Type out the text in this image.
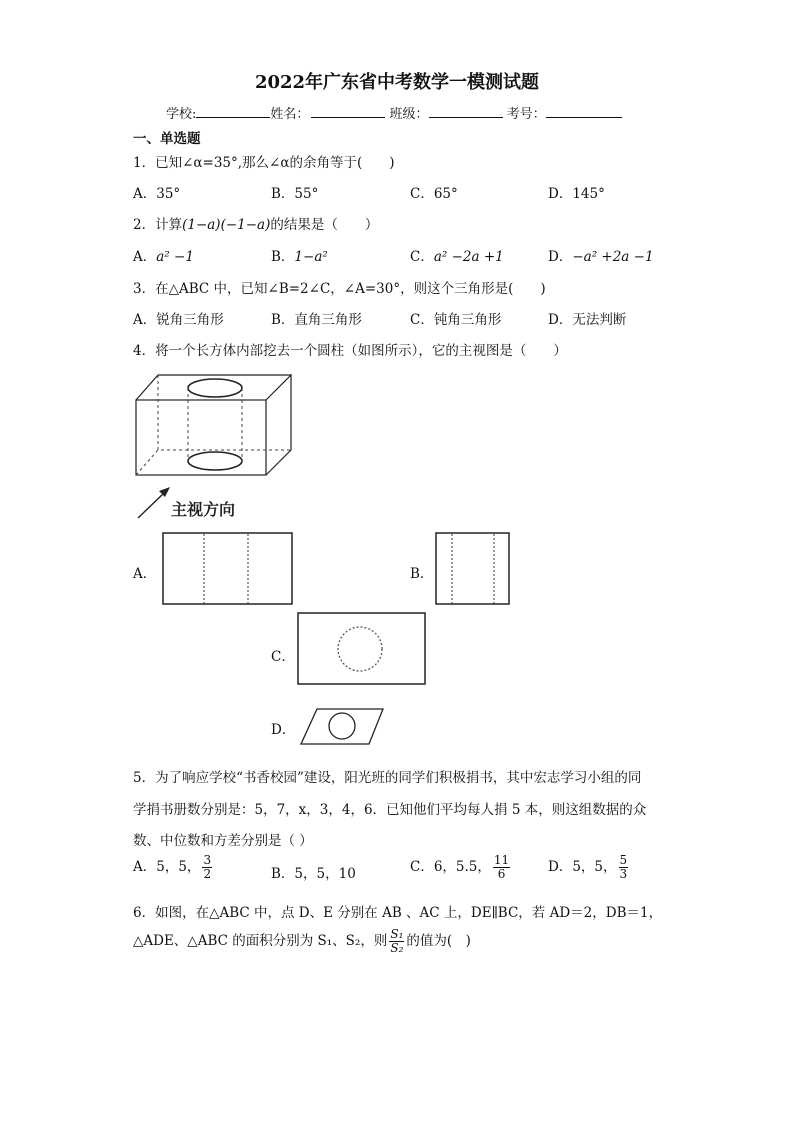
2022年广东省中考数学一模测试题
学校:	姓名：	班级：	考号：
一、单选题
1．已知∠α=35°,那么∠α的余角等于(　　)
A．35°	B．55°	C．65°	D．145°
2．计算(1−a)(−1−a)的结果是（　　）
A．a² −1	B．1−a²	C．a² −2a +1	D．−a² +2a −1
3．在△ABC 中，已知∠B=2∠C，∠A=30°，则这个三角形是(　　)
A．锐角三角形	B．直角三角形	C．钝角三角形	D．无法判断
4．将一个长方体内部挖去一个圆柱（如图所示），它的主视图是（　　）
主视方向
A．	B．
C．
D．
5．为了响应学校“书香校园”建设，阳光班的同学们积极捐书，其中宏志学习小组的同
学捐书册数分别是：5，7，x，3，4，6．已知他们平均每人捐 5 本，则这组数据的众
数、中位数和方差分别是（ ）
A．5，5， $\frac{3}{2}$	B．5，5，10	C．6，5.5， $\frac{11}{6}$	D．5，5， $\frac{5}{3}$
6．如图，在△ABC 中，点 D、E 分别在 AB 、AC 上，DE∥BC，若 AD＝2，DB＝1，
△ADE、△ABC 的面积分别为 S₁、S₂，则 $\frac{\text{S₁}}{\text{S₂}}$ 的值为(　)
